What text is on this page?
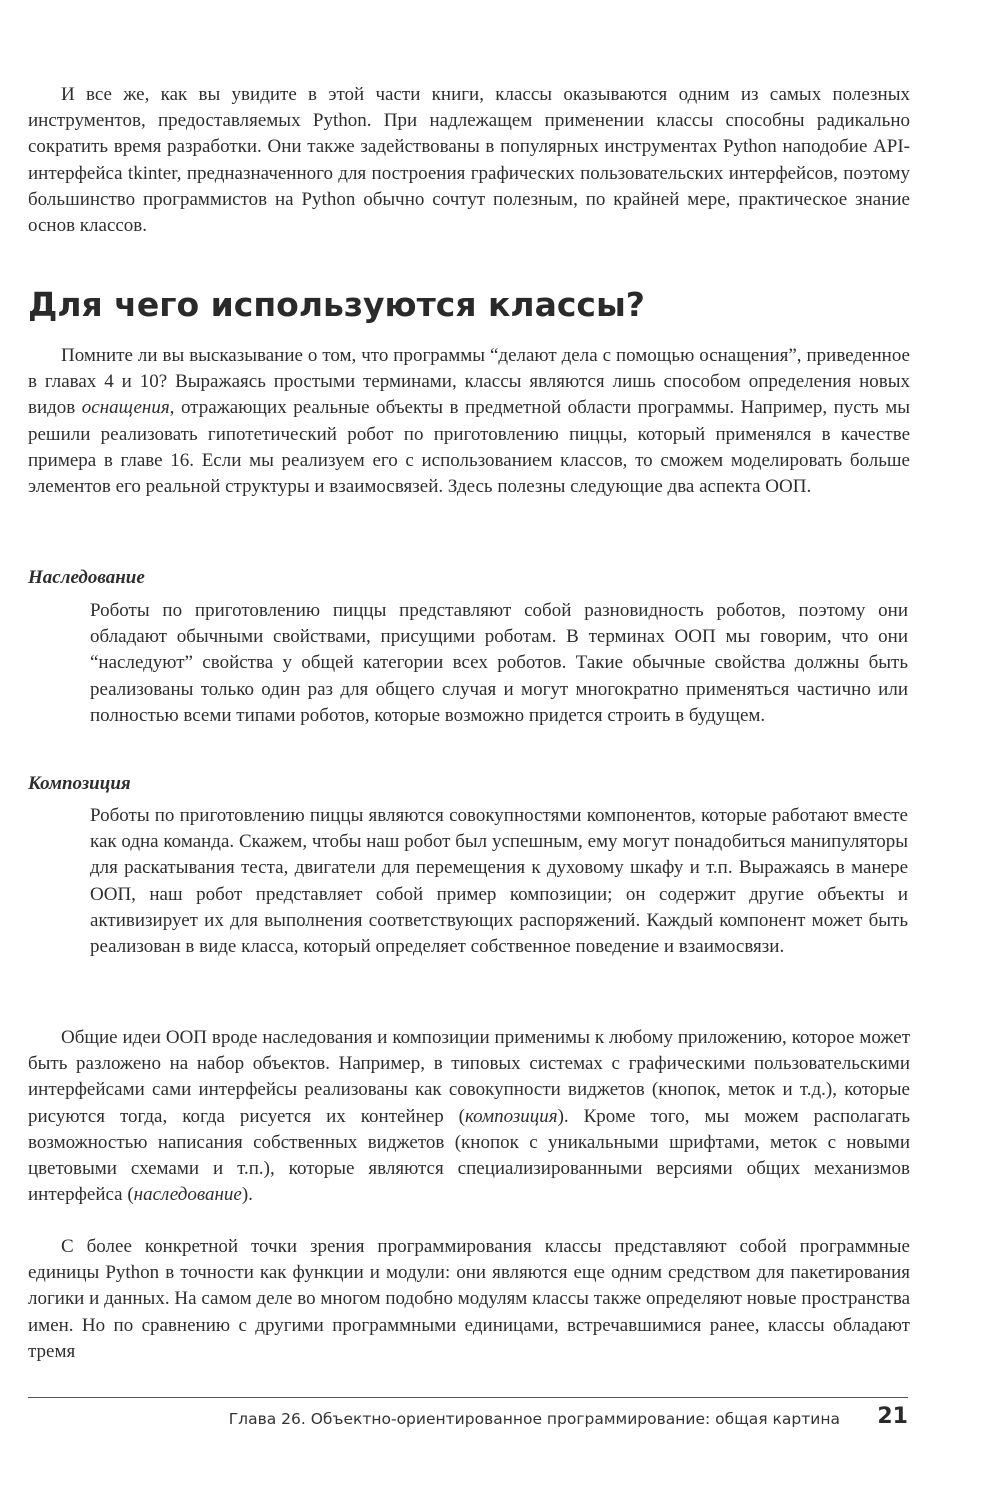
И все же, как вы увидите в этой части книги, классы оказываются одним из самых полезных инструментов, предоставляемых Python. При надлежащем применении классы способны радикально сократить время разработки. Они также задействованы в популярных инструментах Python наподобие API-интерфейса tkinter, предназначенного для построения графических пользовательских интерфейсов, поэтому большинство программистов на Python обычно сочтут полезным, по крайней мере, практическое знание основ классов.

Для чего используются классы?

Помните ли вы высказывание о том, что программы “делают дела с помощью оснащения”, приведенное в главах 4 и 10? Выражаясь простыми терминами, классы являются лишь способом определения новых видов оснащения, отражающих реальные объекты в предметной области программы. Например, пусть мы решили реализовать гипотетический робот по приготовлению пиццы, который применялся в качестве примера в главе 16. Если мы реализуем его с использованием классов, то сможем моделировать больше элементов его реальной структуры и взаимосвязей. Здесь полезны следующие два аспекта ООП.

Наследование

Роботы по приготовлению пиццы представляют собой разновидность роботов, поэтому они обладают обычными свойствами, присущими роботам. В терминах ООП мы говорим, что они “наследуют” свойства у общей категории всех роботов. Такие обычные свойства должны быть реализованы только один раз для общего случая и могут многократно применяться частично или полностью всеми типами роботов, которые возможно придется строить в будущем.

Композиция

Роботы по приготовлению пиццы являются совокупностями компонентов, которые работают вместе как одна команда. Скажем, чтобы наш робот был успешным, ему могут понадобиться манипуляторы для раскатывания теста, двигатели для перемещения к духовому шкафу и т.п. Выражаясь в манере ООП, наш робот представляет собой пример композиции; он содержит другие объекты и активизирует их для выполнения соответствующих распоряжений. Каждый компонент может быть реализован в виде класса, который определяет собственное поведение и взаимосвязи.

Общие идеи ООП вроде наследования и композиции применимы к любому приложению, которое может быть разложено на набор объектов. Например, в типовых системах с графическими пользовательскими интерфейсами сами интерфейсы реализованы как совокупности виджетов (кнопок, меток и т.д.), которые рисуются тогда, когда рисуется их контейнер (композиция). Кроме того, мы можем располагать возможностью написания собственных виджетов (кнопок с уникальными шрифтами, меток с новыми цветовыми схемами и т.п.), которые являются специализированными версиями общих механизмов интерфейса (наследование).

С более конкретной точки зрения программирования классы представляют собой программные единицы Python в точности как функции и модули: они являются еще одним средством для пакетирования логики и данных. На самом деле во многом подобно модулям классы также определяют новые пространства имен. Но по сравнению с другими программными единицами, встречавшимися ранее, классы обладают тремя

Глава 26. Объектно-ориентированное программирование: общая картина 21
